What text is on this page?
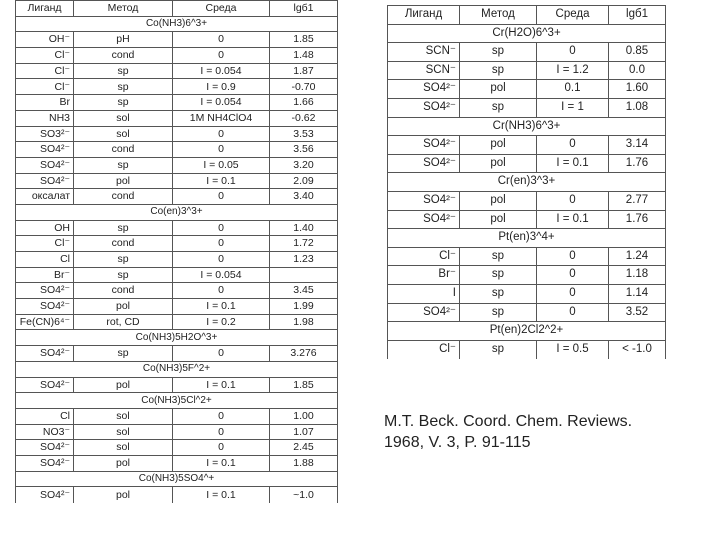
Лиганд	Метод	Среда	lgб1
Co(NH3)6^3+			
OH⁻	pH	0	1.85
Cl⁻	cond	0	1.48
Cl⁻	sp	I = 0.054	1.87
Cl⁻	sp	I = 0.9	-0.70
Br	sp	I = 0.054	1.66
NH3	sol	1M NH4ClO4	-0.62
SO3²⁻	sol	0	3.53
SO4²⁻	cond	0	3.56
SO4²⁻	sp	I = 0.05	3.20
SO4²⁻	pol	I = 0.1	2.09
оксалат	cond	0	3.40
Co(en)3^3+			
OH	sp	0	1.40
Cl⁻	cond	0	1.72
Cl	sp	0	1.23
Br⁻	sp	I = 0.054	
SO4²⁻	cond	0	3.45
SO4²⁻	pol	I = 0.1	1.99
Fe(CN)6⁴⁻	rot, CD	I = 0.2	1.98
Co(NH3)5H2O^3+			
SO4²⁻	sp	0	3.276
Co(NH3)5F^2+			
SO4²⁻	pol	I = 0.1	1.85
Co(NH3)5Cl^2+			
Cl	sol	0	1.00
NO3⁻	sol	0	1.07
SO4²⁻	sol	0	2.45
SO4²⁻	pol	I = 0.1	1.88
Co(NH3)5SO4^+			
SO4²⁻	pol	I = 0.1	~1.0
Лиганд	Метод	Среда	lgб1
Cr(H2O)6^3+			
SCN⁻	sp	0	0.85
SCN⁻	sp	I = 1.2	0.0
SO4²⁻	pol	0.1	1.60
SO4²⁻	sp	I = 1	1.08
Cr(NH3)6^3+			
SO4²⁻	pol	0	3.14
SO4²⁻	pol	I = 0.1	1.76
Cr(en)3^3+			
SO4²⁻	pol	0	2.77
SO4²⁻	pol	I = 0.1	1.76
Pt(en)3^4+			
Cl⁻	sp	0	1.24
Br⁻	sp	0	1.18
I	sp	0	1.14
SO4²⁻	sp	0	3.52
Pt(en)2Cl2^2+			
Cl⁻	sp	I = 0.5	< -1.0
M.T. Beck. Coord. Chem. Reviews.
1968, V. 3, P. 91-115
